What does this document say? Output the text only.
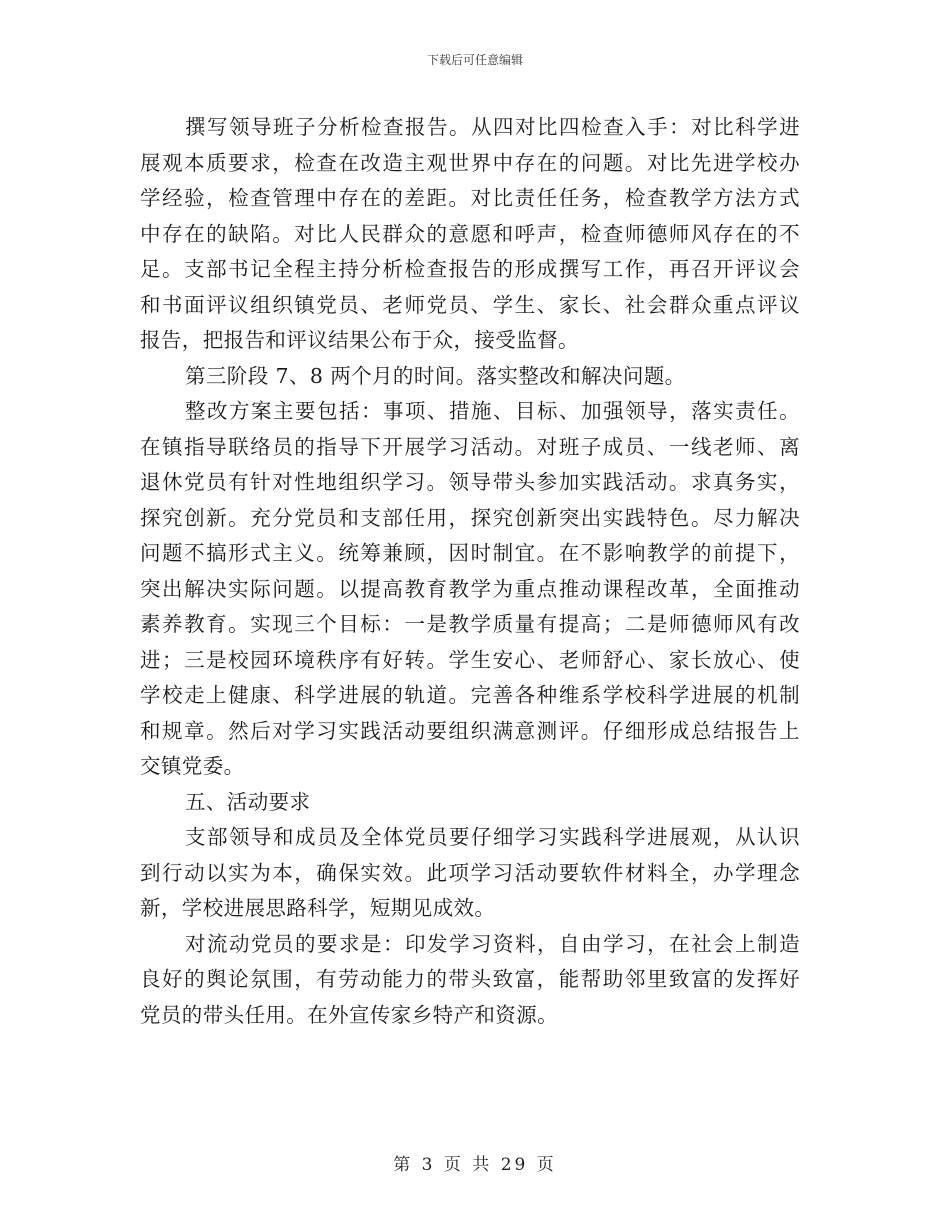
下载后可任意编辑
撰写领导班子分析检查报告。从四对比四检查入手：对比科学进
展观本质要求，检查在改造主观世界中存在的问题。对比先进学校办
学经验，检查管理中存在的差距。对比责任任务，检查教学方法方式
中存在的缺陷。对比人民群众的意愿和呼声，检查师德师风存在的不
足。支部书记全程主持分析检查报告的形成撰写工作，再召开评议会
和书面评议组织镇党员、老师党员、学生、家长、社会群众重点评议
报告，把报告和评议结果公布于众，接受监督。
第三阶段 7、8 两个月的时间。落实整改和解决问题。
整改方案主要包括：事项、措施、目标、加强领导，落实责任。
在镇指导联络员的指导下开展学习活动。对班子成员、一线老师、离
退休党员有针对性地组织学习。领导带头参加实践活动。求真务实，
探究创新。充分党员和支部任用，探究创新突出实践特色。尽力解决
问题不搞形式主义。统筹兼顾，因时制宜。在不影响教学的前提下，
突出解决实际问题。以提高教育教学为重点推动课程改革，全面推动
素养教育。实现三个目标：一是教学质量有提高；二是师德师风有改
进；三是校园环境秩序有好转。学生安心、老师舒心、家长放心、使
学校走上健康、科学进展的轨道。完善各种维系学校科学进展的机制
和规章。然后对学习实践活动要组织满意测评。仔细形成总结报告上
交镇党委。
五、活动要求
支部领导和成员及全体党员要仔细学习实践科学进展观，从认识
到行动以实为本，确保实效。此项学习活动要软件材料全，办学理念
新，学校进展思路科学，短期见成效。
对流动党员的要求是：印发学习资料，自由学习，在社会上制造
良好的舆论氛围，有劳动能力的带头致富，能帮助邻里致富的发挥好
党员的带头任用。在外宣传家乡特产和资源。
第 3 页 共 29 页
